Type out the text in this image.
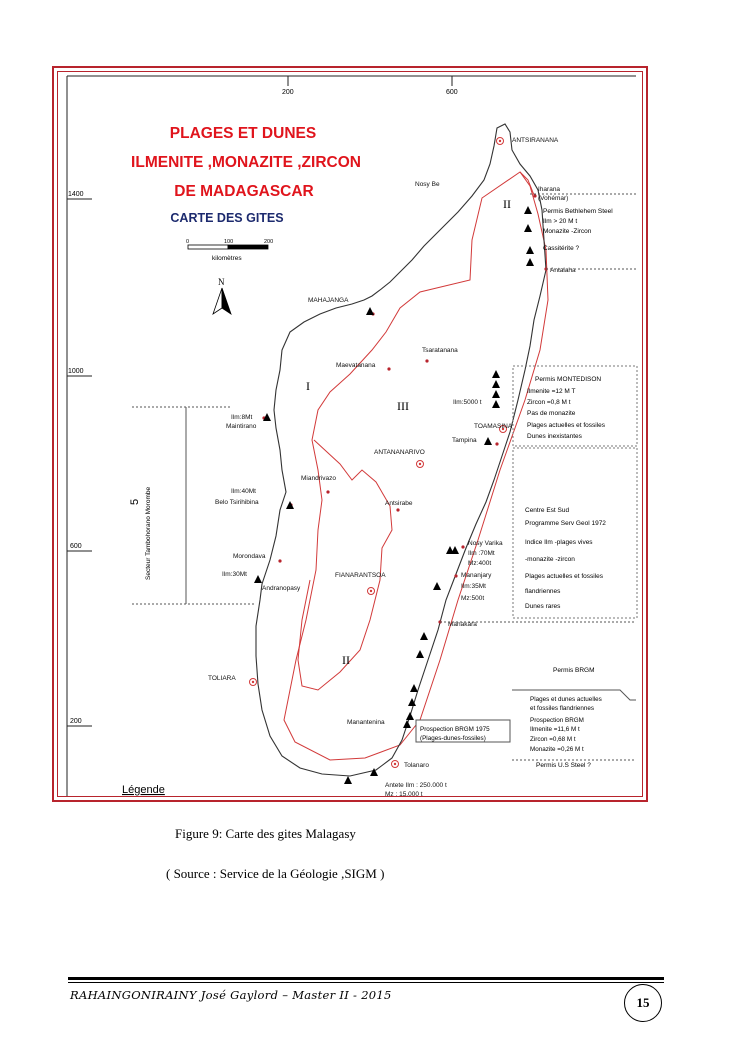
200	600
1400
1000
600
200
PLAGES ET DUNES
ILMENITE ,MONAZITE ,ZIRCON
DE MADAGASCAR
CARTE DES GITES
0	100	200
kilomètres
N
I
II
III
II
ANTSIRANANA
Nosy Be
Iharana
(Vohémar)
Antalaha
MAHAJANGA
Tsaratanana
Maevatanana
Ilm:5000 t
TOAMASINA
Tampina
ANTANANARIVO
Ilm:8Mt
Maintirano
Miandrivazo
Antsirabe
Ilm:40Mt
Belo Tsirihibina
Morondava
Ilm:30Mt
Andranopasy
FIANARANTSOA
Nosy Varika
Ilm :70Mt
Mz:400t
Mananjary
Ilm:35Mt
Mz:500t
Manakara
TOLIARA
Manantenina
Tolanaro
Antete Ilm : 250.000 t
Mz : 15.000 t
Secteur Tambohorano Morombe
5
Permis Bethlehem Steel
Ilm > 20 M t
Monazite -Zircon
Cassitérite ?
Permis MONTEDISON
Ilmenite =12 M T
Zircon =0,8 M t
Pas de monazite
Plages actuelles et fossiles
Dunes inexistantes
Centre Est Sud
Programme Serv Geol 1972
Indice Ilm -plages vives
-monazite -zircon
Plages actuelles et fossiles
flandriennes
Dunes rares
Permis BRGM
Plages et dunes actuelles
et fossiles flandriennes
Prospection BRGM
Ilmenite =11,6 M t
Zircon =0,68 M t
Monazite =0,26 M t
Prospection BRGM 1975
(Plages-dunes-fossiles)
Permis U.S Steel ?
Légende
Figure 9: Carte des gites Malagasy
( Source : Service de la Géologie ,SIGM )
RAHAINGONIRAINY José Gaylord – Master II - 2015	15
